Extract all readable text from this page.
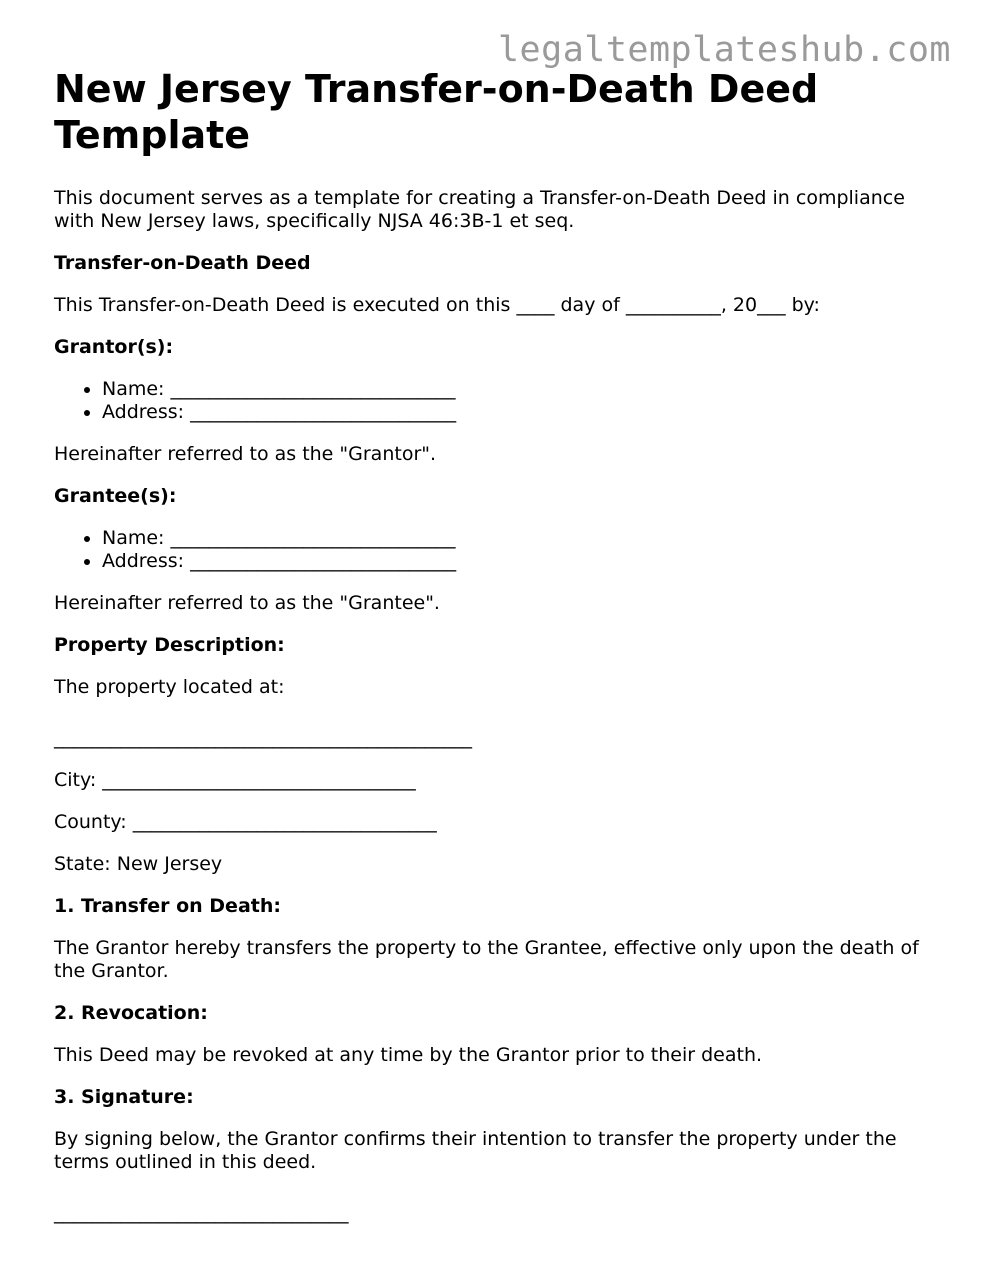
legaltemplateshub.com
New Jersey Transfer-on-Death Deed Template

This document serves as a template for creating a Transfer-on-Death Deed in compliance with New Jersey laws, specifically NJSA 46:3B-1 et seq.

Transfer-on-Death Deed

This Transfer-on-Death Deed is executed on this ____ day of __________, 20___ by:

Grantor(s):

• Name: ______________________________
• Address: ____________________________

Hereinafter referred to as the "Grantor".

Grantee(s):

• Name: ______________________________
• Address: ____________________________

Hereinafter referred to as the "Grantee".

Property Description:

The property located at:

____________________________________________

City: _________________________________

County: ________________________________

State: New Jersey

1. Transfer on Death:

The Grantor hereby transfers the property to the Grantee, effective only upon the death of the Grantor.

2. Revocation:

This Deed may be revoked at any time by the Grantor prior to their death.

3. Signature:

By signing below, the Grantor confirms their intention to transfer the property under the terms outlined in this deed.

_______________________________
